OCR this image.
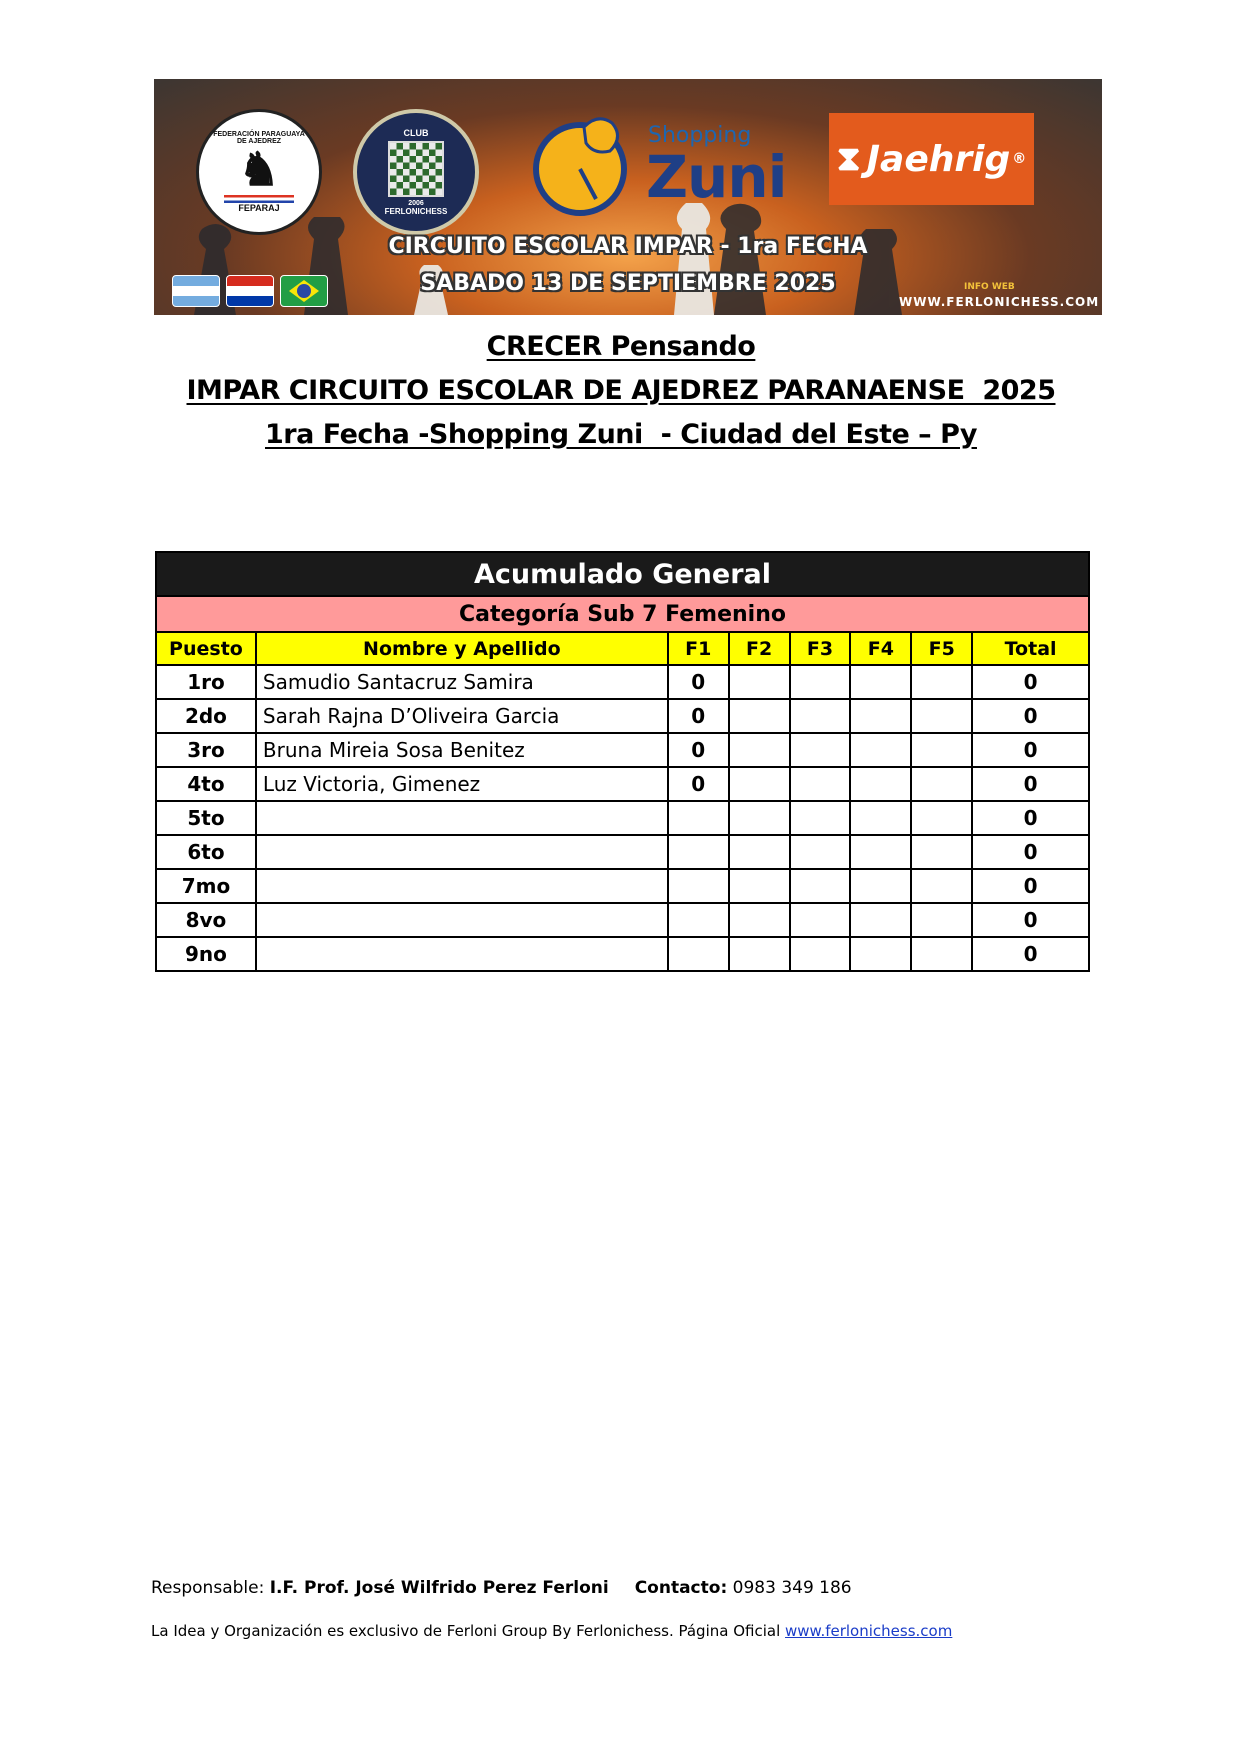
FEDERACIÓN PARAGUAYA DE AJEDREZ
♞
FEPARAJ
CLUB
2006
FERLONICHESS
Shopping
Zuni ⧗ Jaehrig ®
CIRCUITO ESCOLAR IMPAR - 1ra FECHA
SABADO 13 DE SEPTIEMBRE 2025	INFO WEB
WWW.FERLONICHESS.COM
CRECER Pensando
IMPAR CIRCUITO ESCOLAR DE AJEDREZ PARANAENSE  2025
1ra Fecha -Shopping Zuni  - Ciudad del Este – Py
Acumulado General							
Categoría Sub 7 Femenino							
Puesto	Nombre y Apellido	F1	F2	F3	F4	F5	Total
1ro	Samudio Santacruz Samira	0					0
2do	Sarah Rajna D’Oliveira Garcia	0					0
3ro	Bruna Mireia Sosa Benitez	0					0
4to	Luz Victoria, Gimenez	0					0
5to							0
6to							0
7mo							0
8vo							0
9no							0
Responsable: I.F. Prof. José Wilfrido Perez Ferloni Contacto: 0983 349 186
La Idea y Organización es exclusivo de Ferloni Group By Ferlonichess. Página Oficial www.ferlonichess.com
